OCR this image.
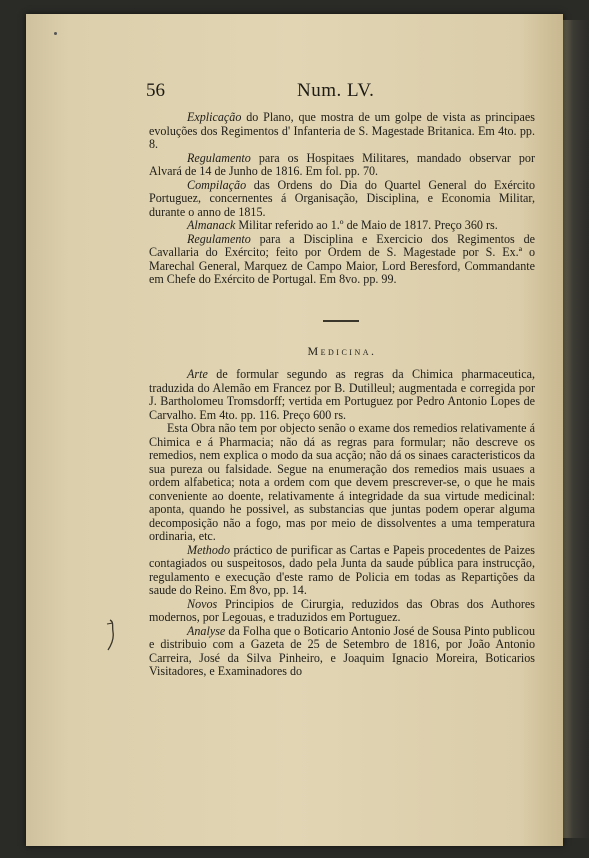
56	Num. LV.

Explicação do Plano, que mostra de um golpe de vista as principaes evoluções dos Regimentos d' Infanteria de S. Magestade Britanica. Em 4to. pp. 8.

Regulamento para os Hospitaes Militares, mandado observar por Alvará de 14 de Junho de 1816. Em fol. pp. 70.

Compilação das Ordens do Dia do Quartel General do Exército Portuguez, concernentes á Organisação, Disciplina, e Economia Militar, durante o anno de 1815.

Almanack Militar referido ao 1.º de Maio de 1817. Preço 360 rs.

Regulamento para a Disciplina e Exercicio dos Regimentos de Cavallaria do Exército; feito por Ordem de S. Magestade por S. Ex.ª o Marechal General, Marquez de Campo Maior, Lord Beresford, Commandante em Chefe do Exército de Portugal. Em 8vo. pp. 99.

Medicina.

Arte de formular segundo as regras da Chimica pharmaceutica, traduzida do Alemão em Francez por B. Dutilleul; augmentada e corregida por J. Bartholomeu Tromsdorff; vertida em Portuguez por Pedro Antonio Lopes de Carvalho. Em 4to. pp. 116. Preço 600 rs.

Esta Obra não tem por objecto senão o exame dos remedios relativamente á Chimica e á Pharmacia; não dá as regras para formular; não descreve os remedios, nem explica o modo da sua acção; não dá os sinaes caracteristicos da sua pureza ou falsidade. Segue na enumeração dos remedios mais usuaes a ordem alfabetica; nota a ordem com que devem prescrever-se, o que he mais conveniente ao doente, relativamente á integridade da sua virtude medicinal: aponta, quando he possivel, as substancias que juntas podem operar alguma decomposição não a fogo, mas por meio de dissolventes a uma temperatura ordinaria, etc.

Methodo práctico de purificar as Cartas e Papeis procedentes de Paizes contagiados ou suspeitosos, dado pela Junta da saude pública para instrucção, regulamento e execução d'este ramo de Policia em todas as Repartições da saude do Reino. Em 8vo, pp. 14.

Novos Principios de Cirurgia, reduzidos das Obras dos Authores modernos, por Legouas, e traduzidos em Portuguez.

Analyse da Folha que o Boticario Antonio José de Sousa Pinto publicou e distribuio com a Gazeta de 25 de Setembro de 1816, por João Antonio Carreira, José da Silva Pinheiro, e Joaquim Ignacio Moreira, Boticarios Visitadores, e Examinadores do
